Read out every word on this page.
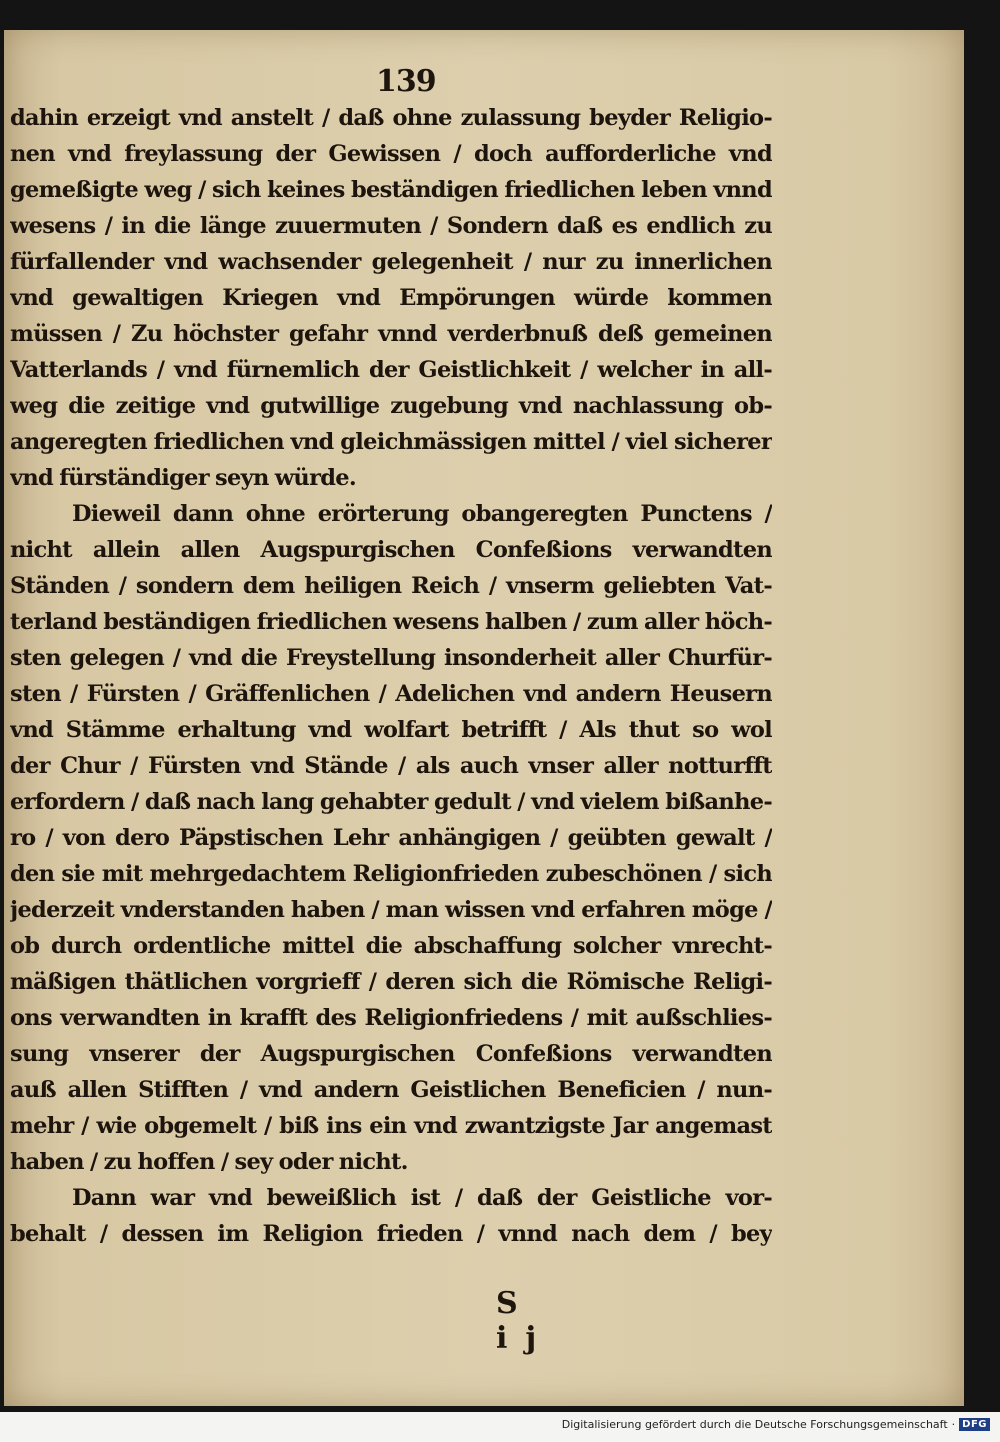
139
dahin erzeigt vnd anstelt / daß ohne zulassung beyder Religio-
nen vnd freylassung der Gewissen / doch aufforderliche vnd
gemeßigte weg / sich keines beständigen friedlichen leben vnnd
wesens / in die länge zuuermuten / Sondern daß es endlich zu
fürfallender vnd wachsender gelegenheit / nur zu innerlichen
vnd gewaltigen Kriegen vnd Empörungen würde kommen
müssen / Zu höchster gefahr vnnd verderbnuß deß gemeinen
Vatterlands / vnd fürnemlich der Geistlichkeit / welcher in all-
weg die zeitige vnd gutwillige zugebung vnd nachlassung ob-
angeregten friedlichen vnd gleichmässigen mittel / viel sicherer
vnd fürständiger seyn würde.
Dieweil dann ohne erörterung obangeregten Punctens /
nicht allein allen Augspurgischen Confeßions verwandten
Ständen / sondern dem heiligen Reich / vnserm geliebten Vat-
terland beständigen friedlichen wesens halben / zum aller höch-
sten gelegen / vnd die Freystellung insonderheit aller Churfür-
sten / Fürsten / Gräffenlichen / Adelichen vnd andern Heusern
vnd Stämme erhaltung vnd wolfart betrifft / Als thut so wol
der Chur / Fürsten vnd Stände / als auch vnser aller notturfft
erfordern / daß nach lang gehabter gedult / vnd vielem bißanhe-
ro / von dero Päpstischen Lehr anhängigen / geübten gewalt /
den sie mit mehrgedachtem Religionfrieden zubeschönen / sich
jederzeit vnderstanden haben / man wissen vnd erfahren möge /
ob durch ordentliche mittel die abschaffung solcher vnrecht-
mäßigen thätlichen vorgrieff / deren sich die Römische Religi-
ons verwandten in krafft des Religionfriedens / mit außschlies-
sung vnserer der Augspurgischen Confeßions verwandten
auß allen Stifften / vnd andern Geistlichen Beneficien / nun-
mehr / wie obgemelt / biß ins ein vnd zwantzigste Jar angemast
haben / zu hoffen / sey oder nicht.
Dann war vnd beweißlich ist / daß der Geistliche vor-
behalt / dessen im Religion frieden / vnnd nach dem / bey
S ij
Digitalisierung gefördert durch die Deutsche Forschungsgemeinschaft · DFG
